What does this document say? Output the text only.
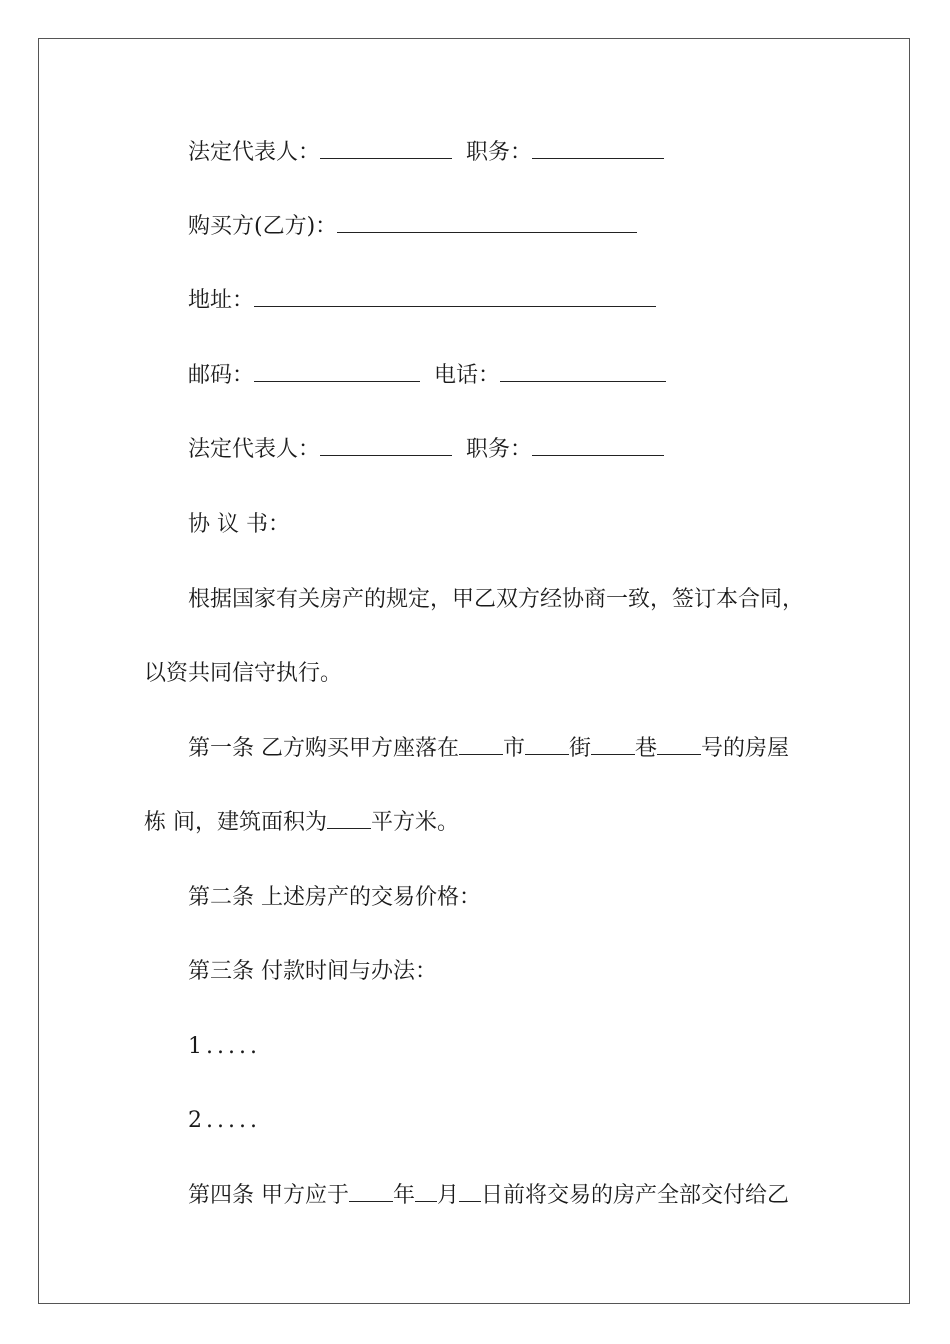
法定代表人：	职务：
购买方(乙方)：
地址：
邮码：	电话：
法定代表人：	职务：
协 议 书：
根据国家有关房产的规定，甲乙双方经协商一致，签订本合同，
以资共同信守执行。
第一条 乙方购买甲方座落在 市 街 巷 号的房屋
栋 间，建筑面积为 平方米。
第二条 上述房产的交易价格：
第三条 付款时间与办法：
1.....
2.....
第四条 甲方应于 年 月 日前将交易的房产全部交付给乙
